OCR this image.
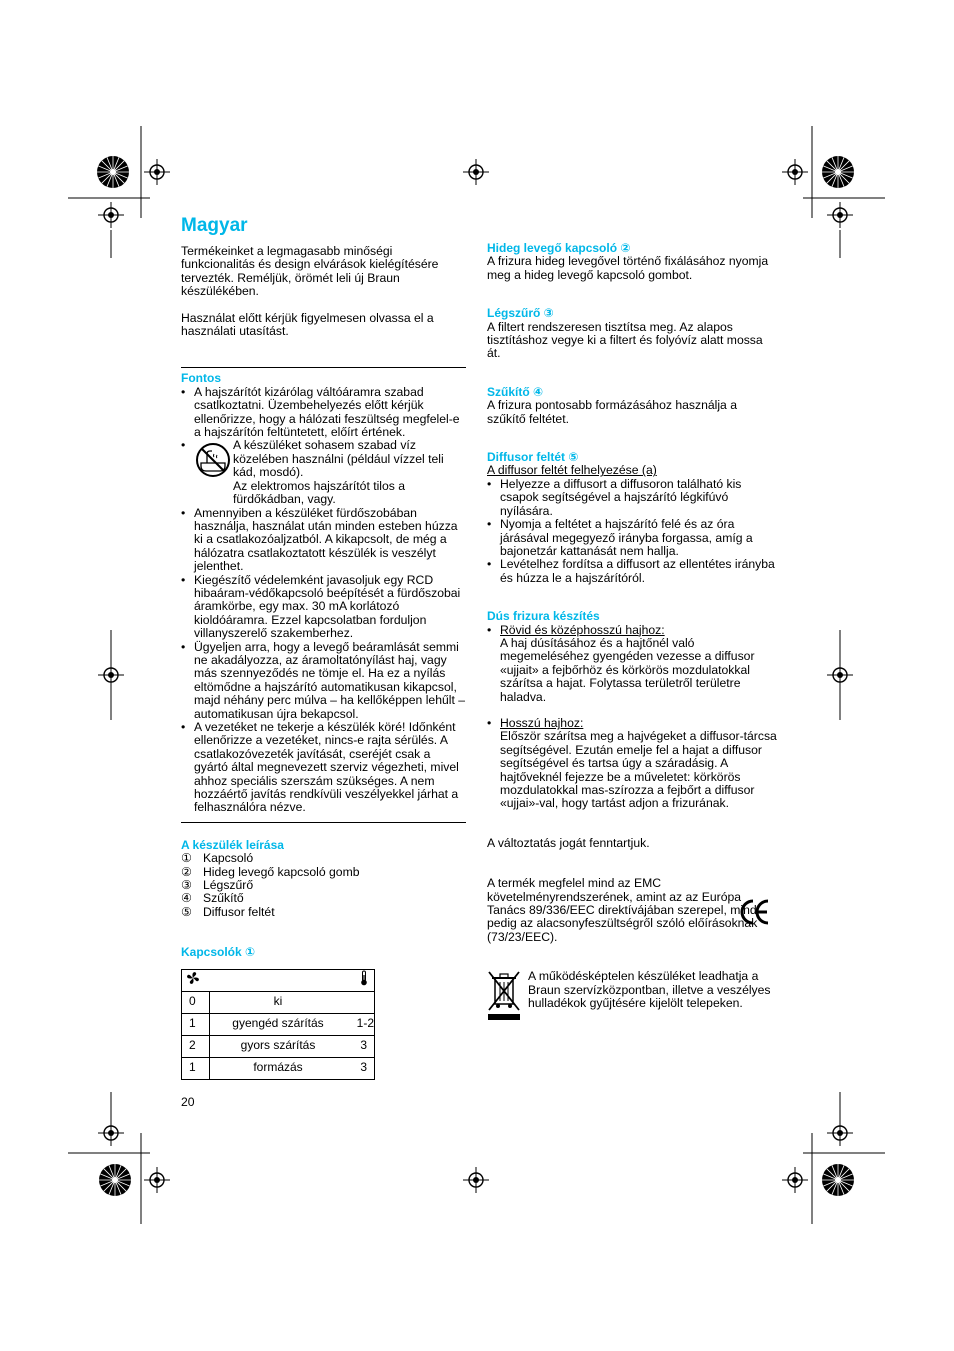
Magyar

Termékeinket a legmagasabb minőségi funkcionalitás és design elvárások kielégítésére tervezték. Reméljük, örömét leli új Braun készülékében.

Használat előtt kérjük figyelmesen olvassa el a használati utasítást.

Fontos

• A hajszárítót kizárólag váltóáramra szabad csatlkoztatni. Üzembehelyezés előtt kérjük ellenőrizze, hogy a hálózati feszültség megfelel-e a hajszárítón feltüntetett, előírt értének.
• A készüléket sohasem szabad víz közelében használni (például vízzel teli kád, mosdó).
Az elektromos hajszárítót tilos a fürdőkádban, vagy.
• Amennyiben a készüléket fürdőszobában használja, használat után minden esteben húzza ki a csatlakozóaljzatból. A kikapcsolt, de még a hálózatra csatlakoztatott készülék is veszélyt jelenthet.
• Kiegészítő védelemként javasoljuk egy RCD hibaáram-védőkapcsoló beépítését a fürdőszobai áramkörbe, egy max. 30 mA korlátozó kioldóáramra. Ezzel kapcsolatban forduljon villanyszerelő szakemberhez.
• Ügyeljen arra, hogy a levegő beáramlását semmi ne akadályozza, az áramoltatónyílást haj, vagy más szennyeződés ne tömje el. Ha ez a nyílás eltömődne a hajszárító automatikusan kikapcsol, majd néhány perc múlva – ha kellőképpen lehűlt – automatikusan újra bekapcsol.
• A vezetéket ne tekerje a készülék köré! Időnként ellenőrizze a vezetéket, nincs-e rajta sérülés. A csatlakozóvezeték javítását, cseréjét csak a gyártó által megnevezett szerviz végezheti, mivel ahhoz speciális szerszám szükséges. A nem hozzáértő javítás rendkívüli veszélyekkel járhat a felhasználóra nézve.

A készülék leírása

① Kapcsoló
② Hideg levegő kapcsoló gomb
③ Légszűrő
④ Szűkítő
⑤ Diffusor feltét

Kapcsolók ①

0	ki	
1	gyengéd szárítás	1-2
2	gyors szárítás	3
1	formázás	3

20

Hideg levegő kapcsoló ②

A frizura hideg levegővel történő fixálásához nyomja meg a hideg levegő kapcsoló gombot.

Légszűrő ③

A filtert rendszeresen tisztítsa meg. Az alapos tisztításhoz vegye ki a filtert és folyóvíz alatt mossa át.

Szűkítő ④

A frizura pontosabb formázásához használja a szűkítő feltétet.

Diffusor feltét ⑤

A diffusor feltét felhelyezése (a)

• Helyezze a diffusort a diffusoron található kis csapok segítségével a hajszárító légkifúvó nyílására.
• Nyomja a feltétet a hajszárító felé és az óra járásával megegyező irányba forgassa, amíg a bajonetzár kattanását nem hallja.
• Levételhez fordítsa a diffusort az ellentétes irányba és húzza le a hajszárítóról.

Dús frizura készítés

• Rövid és középhosszú hajhoz:
A haj dúsításához és a hajtőnél való megemeléséhez gyengéden vezesse a diffusor «ujjait» a fejbőrhöz és körkörös mozdulatokkal szárítsa a hajat. Folytassa területről területre haladva.
• Hosszú hajhoz:
Először szárítsa meg a hajvégeket a diffusor-tárcsa segítségével. Ezután emelje fel a hajat a diffusor segítségével és tartsa úgy a száradásig. A hajtőveknél fejezze be a műveletet: körkörös mozdulatokkal mas-szírozza a fejbőrt a diffusor «ujjai»-val, hogy tartást adjon a frizurának.

A változtatás jogát fenntartjuk.

A termék megfelel mind az EMC követelményrendszerének, amint az az Európa Tanács 89/336/EEC direktívájában szerepel, mind pedig az alacsonyfeszültségről szóló előírásoknak (73/23/EEC).

A működésképtelen készüléket leadhatja a Braun szervízközpontban, illetve a veszélyes hulladékok gyűjtésére kijelölt telepeken.
